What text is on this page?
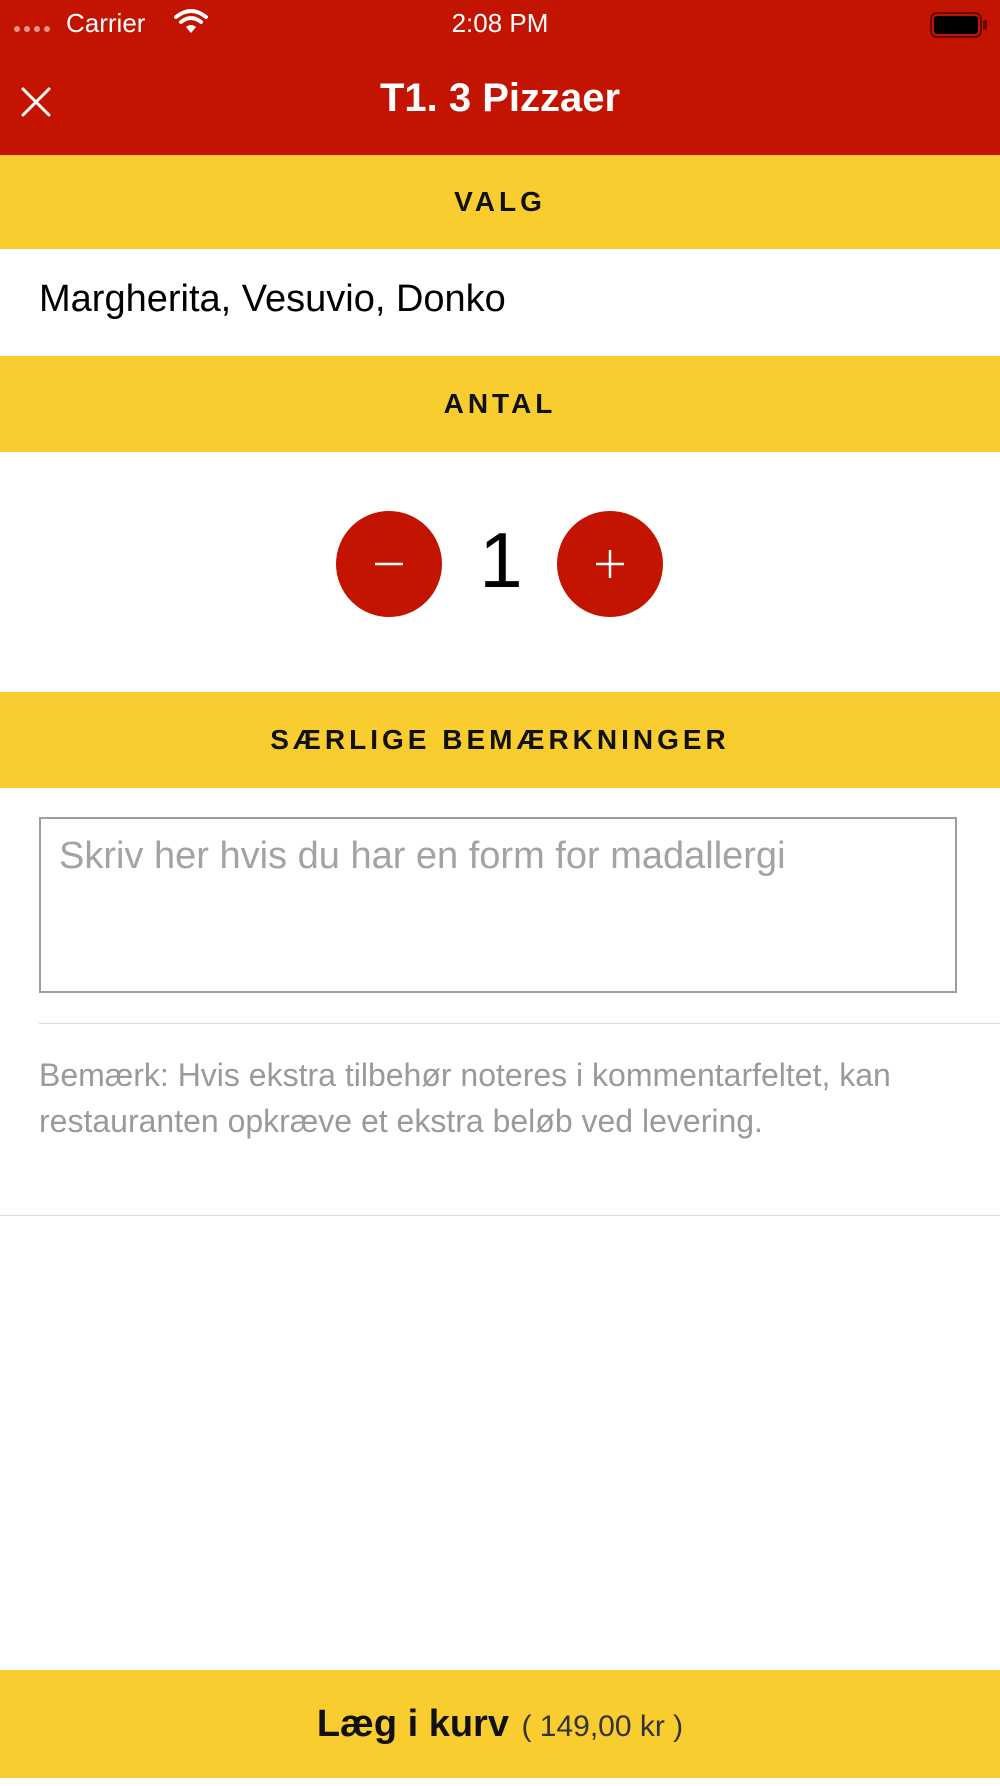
Carrier	2:08 PM
T1. 3 Pizzaer
VALG
Margherita, Vesuvio, Donko
ANTAL
1
SÆRLIGE BEMÆRKNINGER
Skriv her hvis du har en form for madallergi
Bemærk: Hvis ekstra tilbehør noteres i kommentarfeltet, kan restauranten opkræve et ekstra beløb ved levering.
Læg i kurv ( 149,00 kr )
